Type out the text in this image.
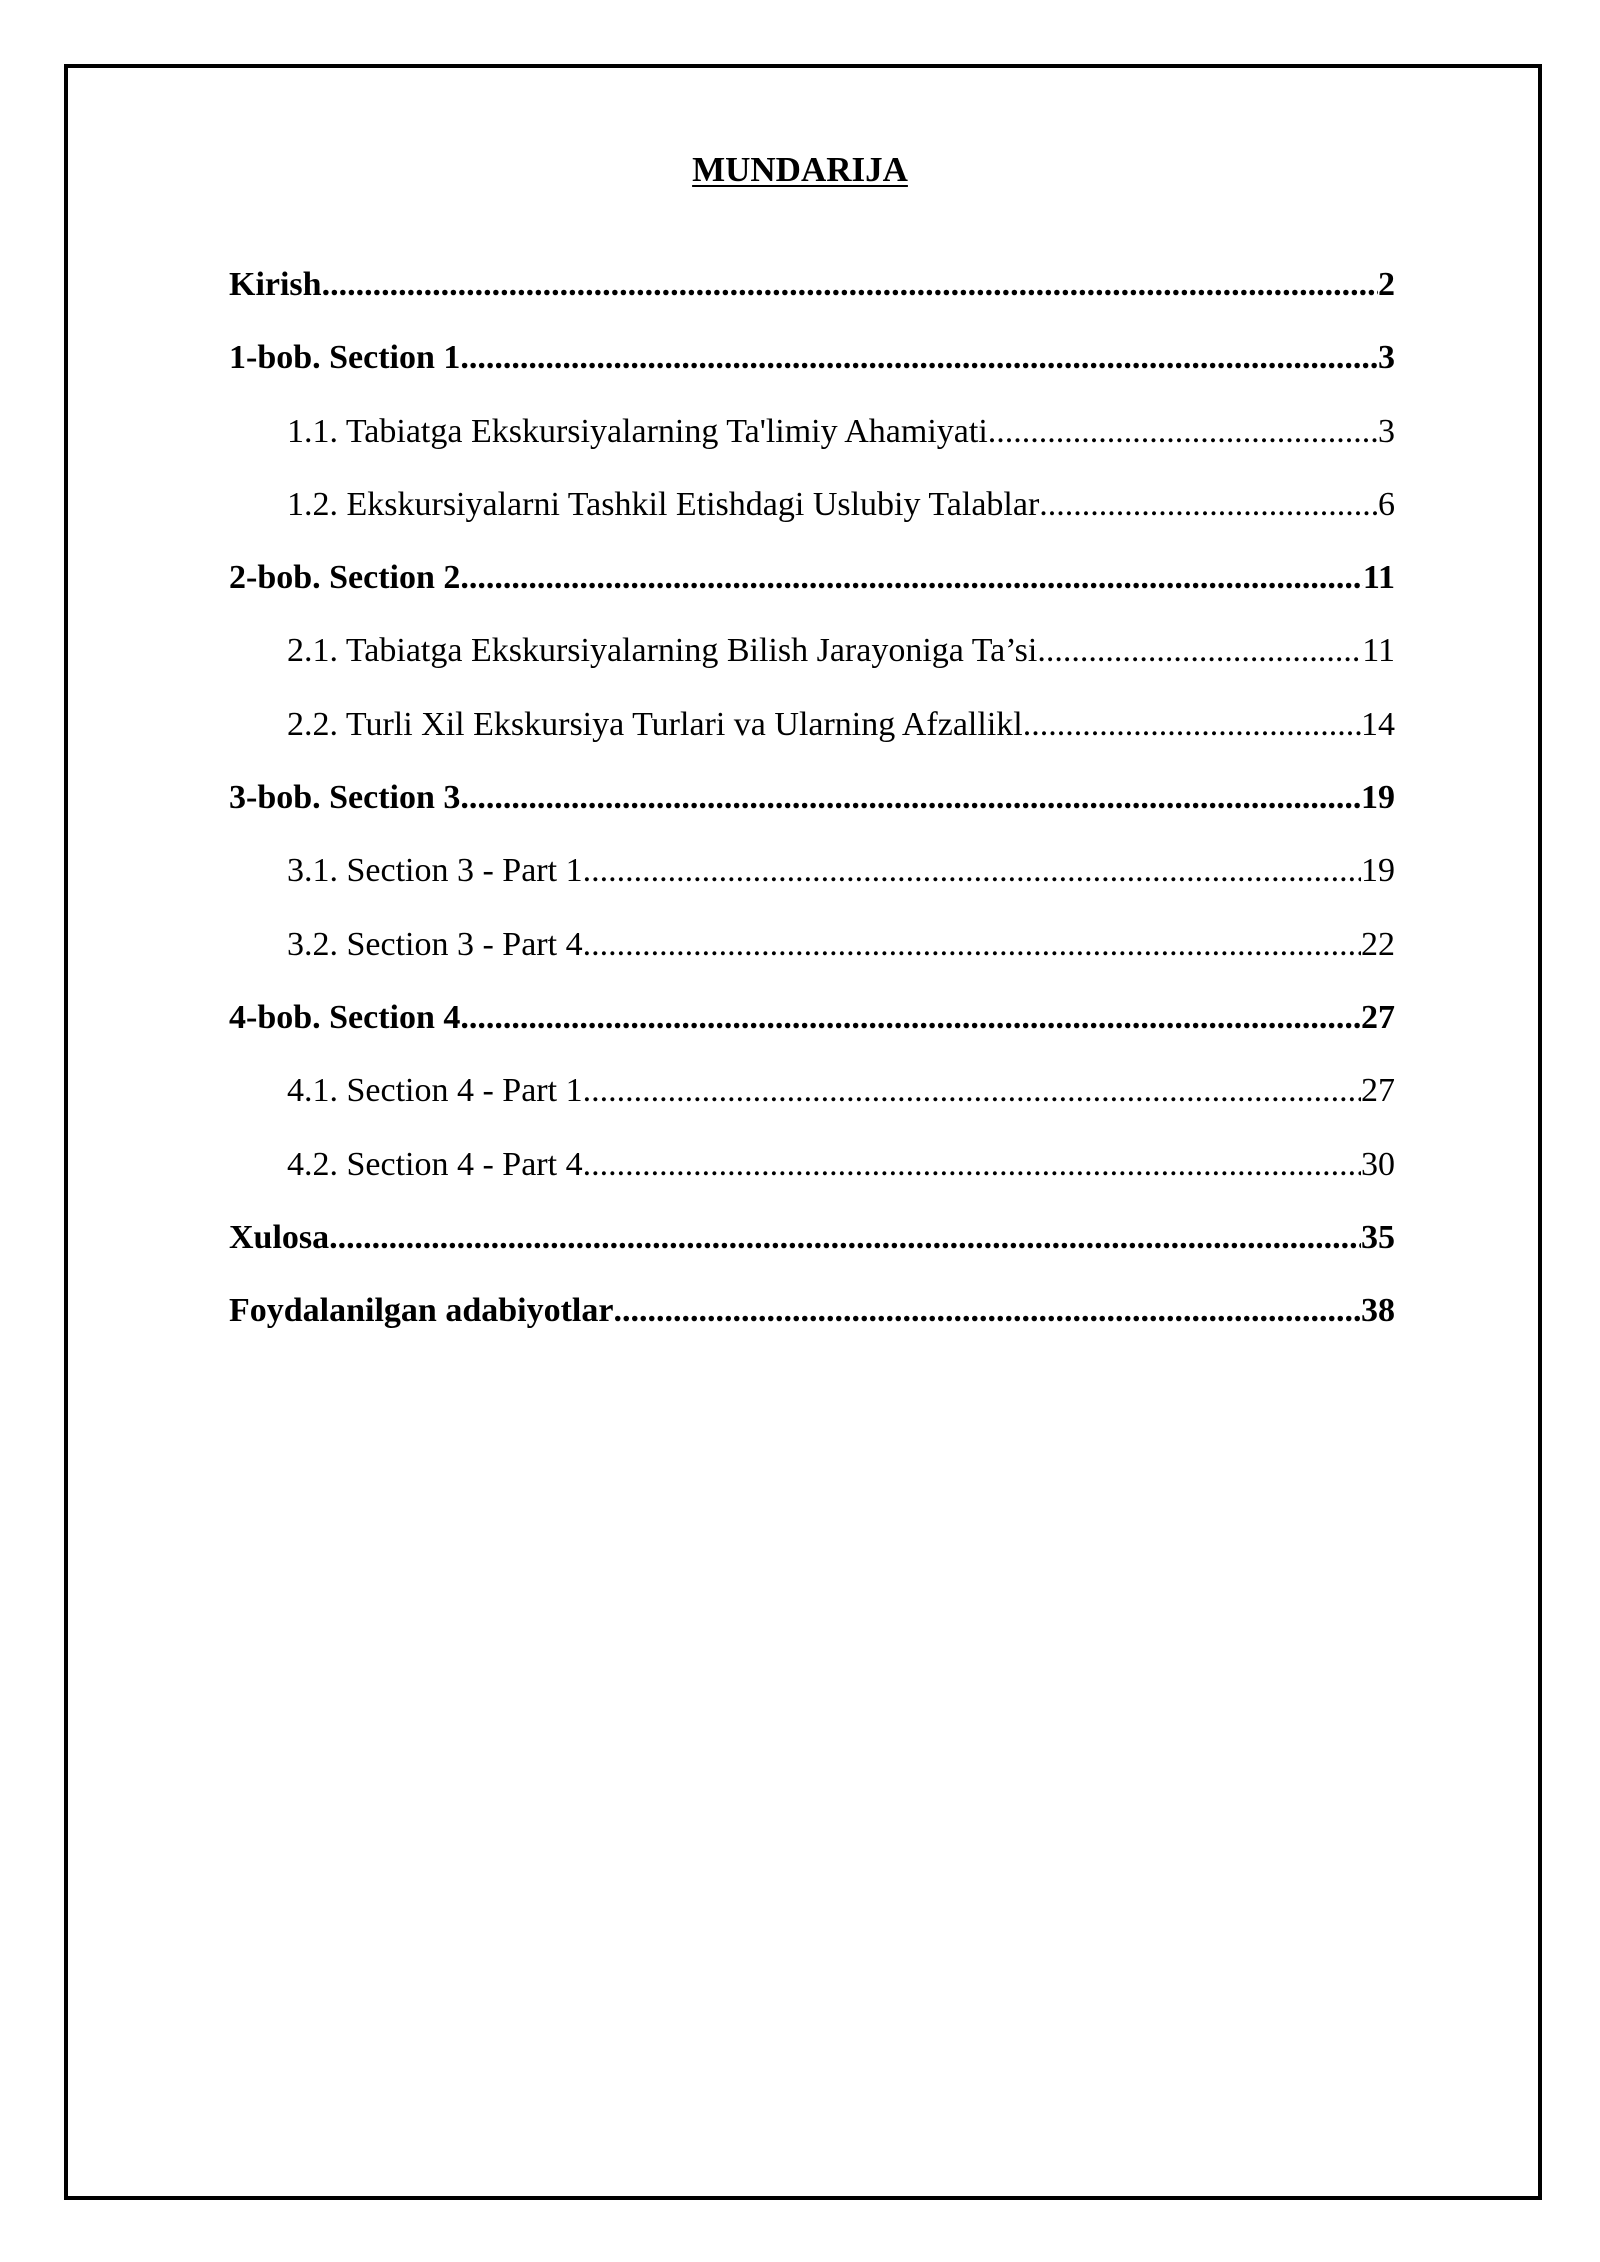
MUNDARIJA
Kirish .....	2
1-bob. Section 1 .....	3
1.1. Tabiatga Ekskursiyalarning Ta'limiy Ahamiyati .....	3
1.2. Ekskursiyalarni Tashkil Etishdagi Uslubiy Talablar .....	6
2-bob. Section 2 .....	11
2.1. Tabiatga Ekskursiyalarning Bilish Jarayoniga Ta’si .....	11
2.2. Turli Xil Ekskursiya Turlari va Ularning Afzallikl .....	14
3-bob. Section 3 .....	19
3.1. Section 3 - Part 1 .....	19
3.2. Section 3 - Part 4 .....	22
4-bob. Section 4 .....	27
4.1. Section 4 - Part 1 .....	27
4.2. Section 4 - Part 4 .....	30
Xulosa .....	35
Foydalanilgan adabiyotlar .....	38
